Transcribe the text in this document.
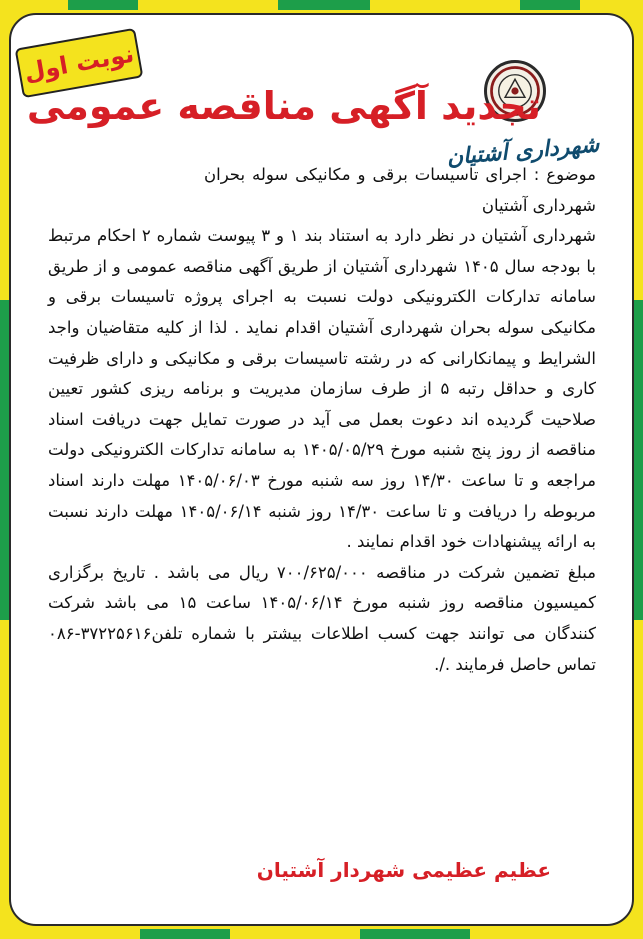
نوبت اول
تجدید آگهی مناقصه عمومی
شهرداری آشتیان

موضوع : اجرای تاسیسات برقی و مکانیکی سوله بحران شهرداری آشتیان

شهرداری آشتیان در نظر دارد به استناد بند ۱ و ۳ پیوست شماره ۲ احکام مرتبط با بودجه سال ۱۴۰۵ شهرداری آشتیان از طریق آگهی مناقصه عمومی و از طریق سامانه تدارکات الکترونیکی دولت نسبت به اجرای پروژه تاسیسات برقی و مکانیکی سوله بحران شهرداری آشتیان اقدام نماید . لذا از کلیه متقاضیان واجد الشرایط و پیمانکارانی که در رشته تاسیسات برقی و مکانیکی و دارای ظرفیت کاری و حداقل رتبه ۵ از طرف سازمان مدیریت و برنامه ریزی کشور تعیین صلاحیت گردیده اند دعوت بعمل می آید در صورت تمایل جهت دریافت اسناد مناقصه از روز پنج شنبه مورخ ۱۴۰۵/۰۵/۲۹ به سامانه تدارکات الکترونیکی دولت مراجعه و تا ساعت ۱۴/۳۰ روز سه شنبه مورخ ۱۴۰۵/۰۶/۰۳ مهلت دارند اسناد مربوطه را دریافت و تا ساعت ۱۴/۳۰ روز شنبه ۱۴۰۵/۰۶/۱۴ مهلت دارند نسبت به ارائه پیشنهادات خود اقدام نمایند .

مبلغ تضمین شرکت در مناقصه ۷۰۰/۶۲۵/۰۰۰ ریال می باشد . تاریخ برگزاری کمیسیون مناقصه روز شنبه مورخ ۱۴۰۵/۰۶/۱۴ ساعت ۱۵ می باشد شرکت کنندگان می توانند جهت کسب اطلاعات بیشتر با شماره تلفن۳۷۲۲۵۶۱۶-۰۸۶ تماس حاصل فرمایند ./.

عظیم عظیمی شهردار آشتیان
